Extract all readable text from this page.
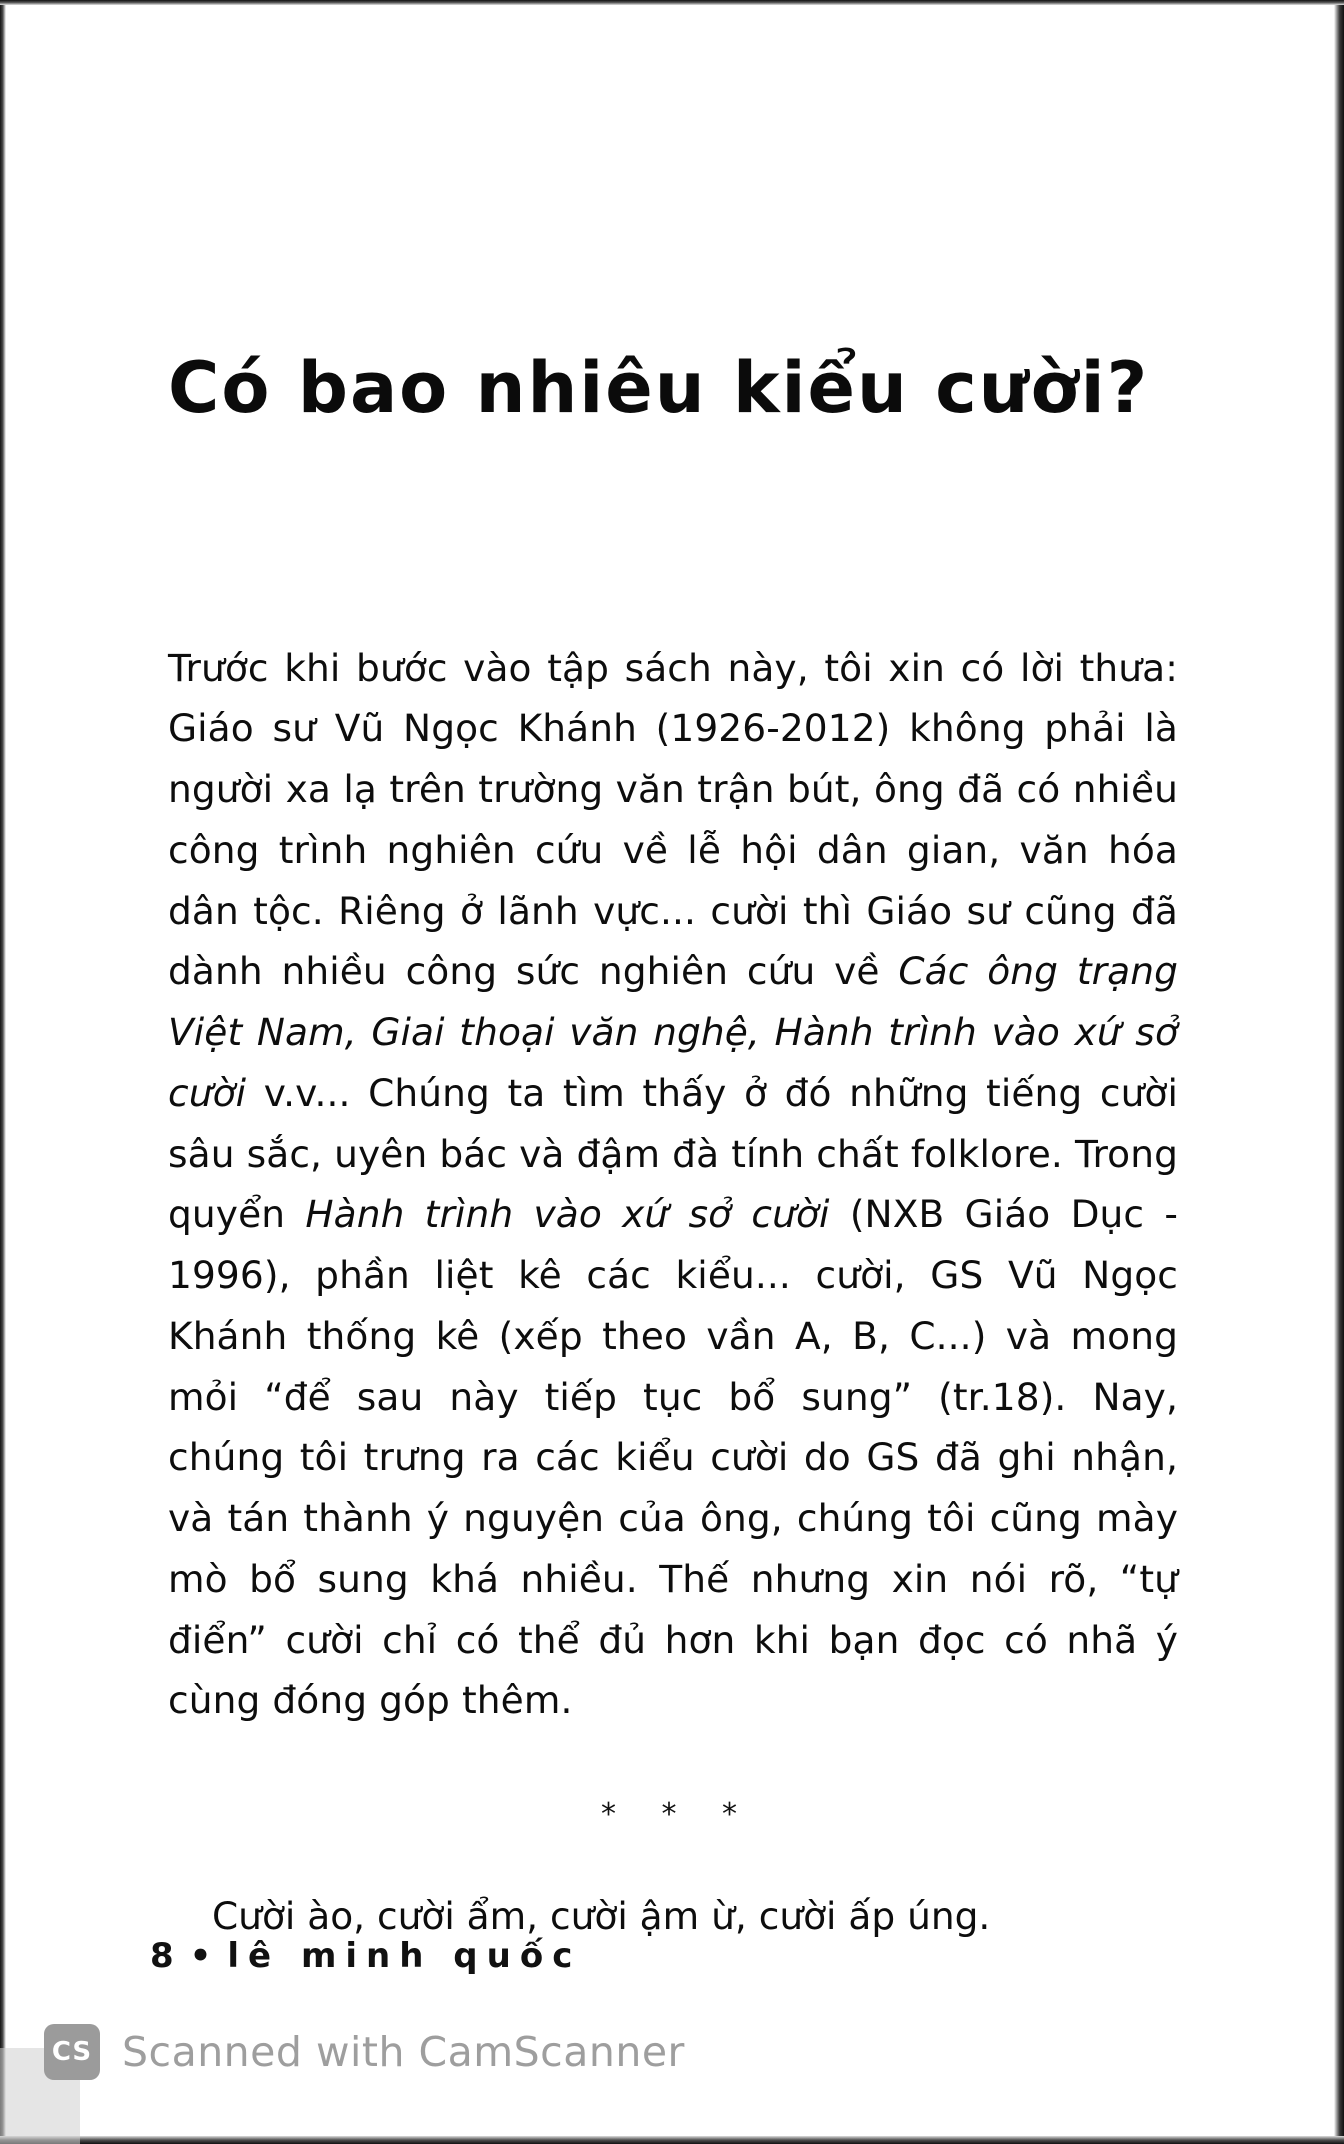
Có bao nhiêu kiểu cười?
Trước khi bước vào tập sách này, tôi xin có lời thưa: Giáo sư Vũ Ngọc Khánh (1926-2012) không phải là người xa lạ trên trường văn trận bút, ông đã có nhiều công trình nghiên cứu về lễ hội dân gian, văn hóa dân tộc. Riêng ở lãnh vực... cười thì Giáo sư cũng đã dành nhiều công sức nghiên cứu về Các ông trạng Việt Nam, Giai thoại văn nghệ, Hành trình vào xứ sở cười v.v... Chúng ta tìm thấy ở đó những tiếng cười sâu sắc, uyên bác và đậm đà tính chất folklore. Trong quyển Hành trình vào xứ sở cười (NXB Giáo Dục - 1996), phần liệt kê các kiểu... cười, GS Vũ Ngọc Khánh thống kê (xếp theo vần A, B, C...) và mong mỏi “để sau này tiếp tục bổ sung” (tr.18). Nay, chúng tôi trưng ra các kiểu cười do GS đã ghi nhận, và tán thành ý nguyện của ông, chúng tôi cũng mày mò bổ sung khá nhiều. Thế nhưng xin nói rõ, “tự điển” cười chỉ có thể đủ hơn khi bạn đọc có nhã ý cùng đóng góp thêm.
* * *
Cười ào, cười ẩm, cười ậm ừ, cười ấp úng.
8 • lê minh quốc
CS Scanned with CamScanner
